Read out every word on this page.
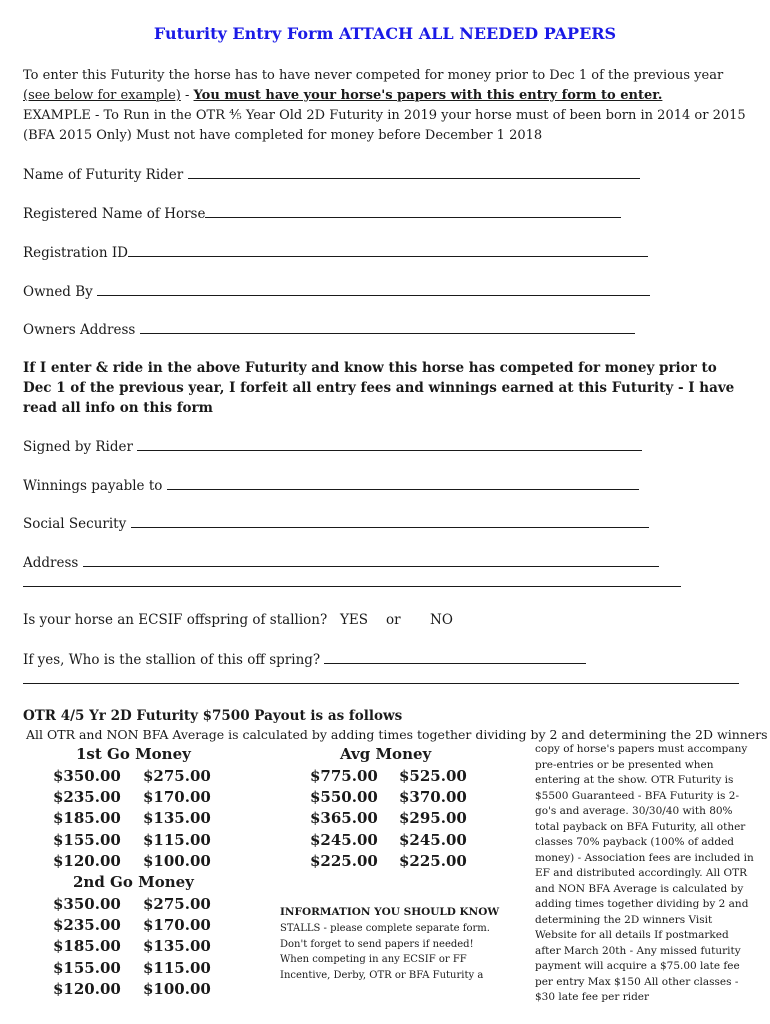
Futurity Entry Form ATTACH ALL NEEDED PAPERS
To enter this Futurity the horse has to have never competed for money prior to Dec 1 of the previous year
(see below for example) - You must have your horse's papers with this entry form to enter.
EXAMPLE - To Run in the OTR ⅘ Year Old 2D Futurity in 2019 your horse must of been born in 2014 or 2015
(BFA 2015 Only) Must not have completed for money before December 1 2018
Name of Futurity Rider
Registered Name of Horse
Registration ID
Owned By
Owners Address
If I enter & ride in the above Futurity and know this horse has competed for money prior to Dec 1 of the previous year, I forfeit all entry fees and winnings earned at this Futurity - I have read all info on this form
Signed by Rider
Winnings payable to
Social Security
Address
Is your horse an ECSIF offspring of stallion? YES or NO
If yes, Who is the stallion of this off spring?
OTR 4/5 Yr 2D Futurity $7500 Payout is as follows
All OTR and NON BFA Average is calculated by adding times together dividing by 2 and determining the 2D winners
1st Go Money
$350.00 $275.00
$235.00 $170.00
$185.00 $135.00
$155.00 $115.00
$120.00 $100.00
2nd Go Money
$350.00 $275.00
$235.00 $170.00
$185.00 $135.00
$155.00 $115.00
$120.00 $100.00
Avg Money
$775.00 $525.00
$550.00 $370.00
$365.00 $295.00
$245.00 $245.00
$225.00 $225.00
INFORMATION YOU SHOULD KNOW
STALLS - please complete separate form. Don't forget to send papers if needed! When competing in any ECSIF or FF Incentive, Derby, OTR or BFA Futurity a
copy of horse's papers must accompany pre-entries or be presented when entering at the show. OTR Futurity is $5500 Guaranteed - BFA Futurity is 2-go's and average. 30/30/40 with 80% total payback on BFA Futurity, all other classes 70% payback (100% of added money) - Association fees are included in EF and distributed accordingly. All OTR and NON BFA Average is calculated by adding times together dividing by 2 and determining the 2D winners Visit Website for all details If postmarked after March 20th - Any missed futurity payment will acquire a $75.00 late fee per entry Max $150 All other classes - $30 late fee per rider
